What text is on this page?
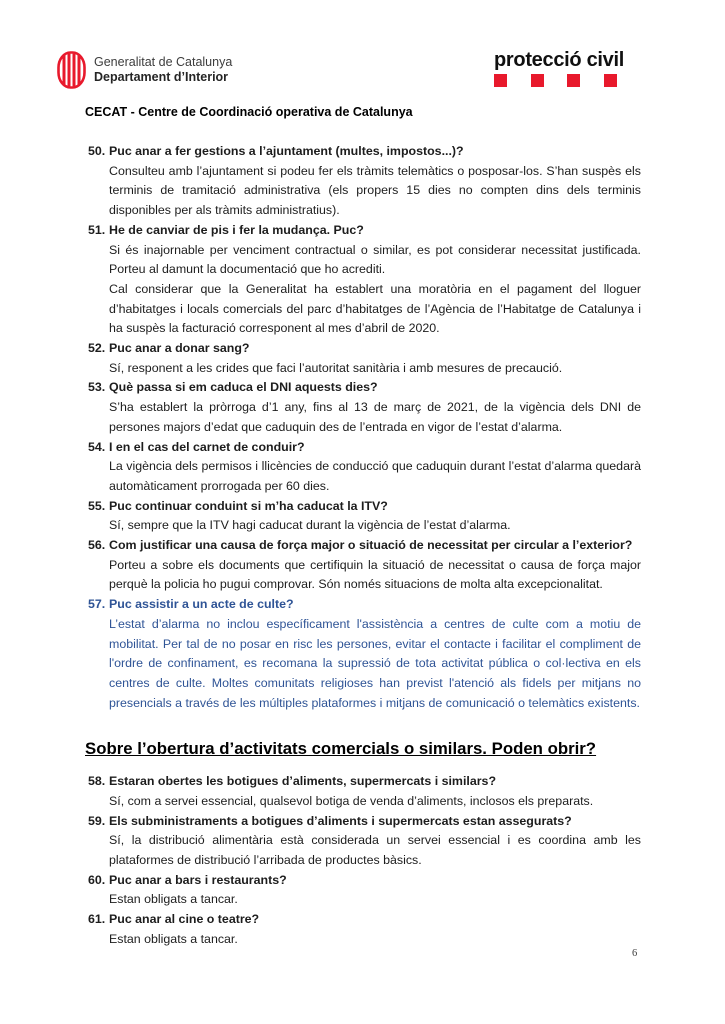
Generalitat de Catalunya
Departament d’Interior
protecció civil
CECAT - Centre de Coordinació operativa de Catalunya
50. Puc anar a fer gestions a l’ajuntament (multes, impostos...)?

Consulteu amb l’ajuntament si podeu fer els tràmits telemàtics o posposar-los. S’han suspès els terminis de tramitació administrativa (els propers 15 dies no compten dins dels terminis disponibles per als tràmits administratius).

51. He de canviar de pis i fer la mudança. Puc?

Si és inajornable per venciment contractual o similar, es pot considerar necessitat justificada. Porteu al damunt la documentació que ho acrediti.

Cal considerar que la Generalitat ha establert una moratòria en el pagament del lloguer d’habitatges i locals comercials del parc d’habitatges de l’Agència de l’Habitatge de Catalunya i ha suspès la facturació corresponent al mes d’abril de 2020.

52. Puc anar a donar sang?

Sí, responent a les crides que faci l’autoritat sanitària i amb mesures de precaució.

53. Què passa si em caduca el DNI aquests dies?

S’ha establert la pròrroga d’1 any, fins al 13 de març de 2021, de la vigència dels DNI de persones majors d’edat que caduquin des de l’entrada en vigor de l’estat d’alarma.

54. I en el cas del carnet de conduir?

La vigència dels permisos i llicències de conducció que caduquin durant l’estat d’alarma quedarà automàticament prorrogada per 60 dies.

55. Puc continuar conduint si m’ha caducat la ITV?

Sí, sempre que la ITV hagi caducat durant la vigència de l’estat d’alarma.

56. Com justificar una causa de força major o situació de necessitat per circular a l’exterior?

Porteu a sobre els documents que certifiquin la situació de necessitat o causa de força major perquè la policia ho pugui comprovar. Són només situacions de molta alta excepcionalitat.

57. Puc assistir a un acte de culte?

L’estat d’alarma no inclou específicament l'assistència a centres de culte com a motiu de mobilitat. Per tal de no posar en risc les persones, evitar el contacte i facilitar el compliment de l'ordre de confinament, es recomana la supressió de tota activitat pública o col·lectiva en els centres de culte. Moltes comunitats religioses han previst l'atenció als fidels per mitjans no presencials a través de les múltiples plataformes i mitjans de comunicació o telemàtics existents.

Sobre l’obertura d’activitats comercials o similars. Poden obrir?
58. Estaran obertes les botigues d’aliments, supermercats i similars?

Sí, com a servei essencial, qualsevol botiga de venda d’aliments, inclosos els preparats.

59. Els subministraments a botigues d’aliments i supermercats estan assegurats?

Sí, la distribució alimentària està considerada un servei essencial i es coordina amb les plataformes de distribució l’arribada de productes bàsics.

60. Puc anar a bars i restaurants?

Estan obligats a tancar.

61. Puc anar al cine o teatre?

Estan obligats a tancar.

6
